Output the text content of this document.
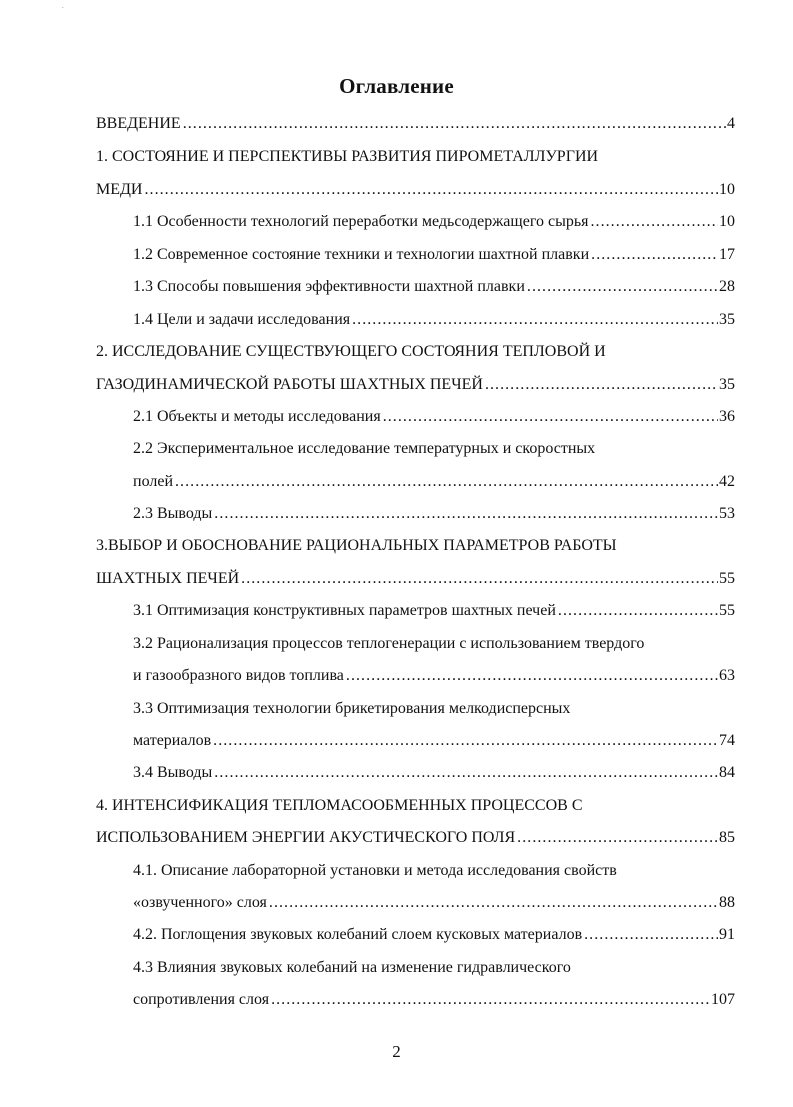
.
Оглавление
ВВЕДЕНИЕ .....	4
1. СОСТОЯНИЕ И ПЕРСПЕКТИВЫ РАЗВИТИЯ ПИРОМЕТАЛЛУРГИИ
МЕДИ .....	10
1.1 Особенности технологий переработки медьсодержащего сырья .....	10
1.2 Современное состояние техники и технологии шахтной плавки .....	17
1.3 Способы повышения эффективности шахтной плавки .....	28
1.4 Цели и задачи исследования .....	35
2. ИССЛЕДОВАНИЕ СУЩЕСТВУЮЩЕГО СОСТОЯНИЯ ТЕПЛОВОЙ И
ГАЗОДИНАМИЧЕСКОЙ РАБОТЫ ШАХТНЫХ ПЕЧЕЙ .....	35
2.1 Объекты и методы исследования .....	36
2.2 Экспериментальное исследование температурных и скоростных
полей .....	42
2.3 Выводы .....	53
3.ВЫБОР И ОБОСНОВАНИЕ РАЦИОНАЛЬНЫХ ПАРАМЕТРОВ РАБОТЫ
ШАХТНЫХ ПЕЧЕЙ .....	55
3.1 Оптимизация конструктивных параметров шахтных печей .....	55
3.2 Рационализация процессов теплогенерации с использованием твердого
и газообразного видов топлива .....	63
3.3 Оптимизация технологии брикетирования мелкодисперсных
материалов .....	74
3.4 Выводы .....	84
4. ИНТЕНСИФИКАЦИЯ ТЕПЛОМАСООБМЕННЫХ ПРОЦЕССОВ С
ИСПОЛЬЗОВАНИЕМ ЭНЕРГИИ АКУСТИЧЕСКОГО ПОЛЯ .....	85
4.1. Описание лабораторной установки и метода исследования свойств
«озвученного» слоя .....	88
4.2. Поглощения звуковых колебаний слоем кусковых материалов .....	91
4.3 Влияния звуковых колебаний на изменение гидравлического
сопротивления слоя .....	107
2
